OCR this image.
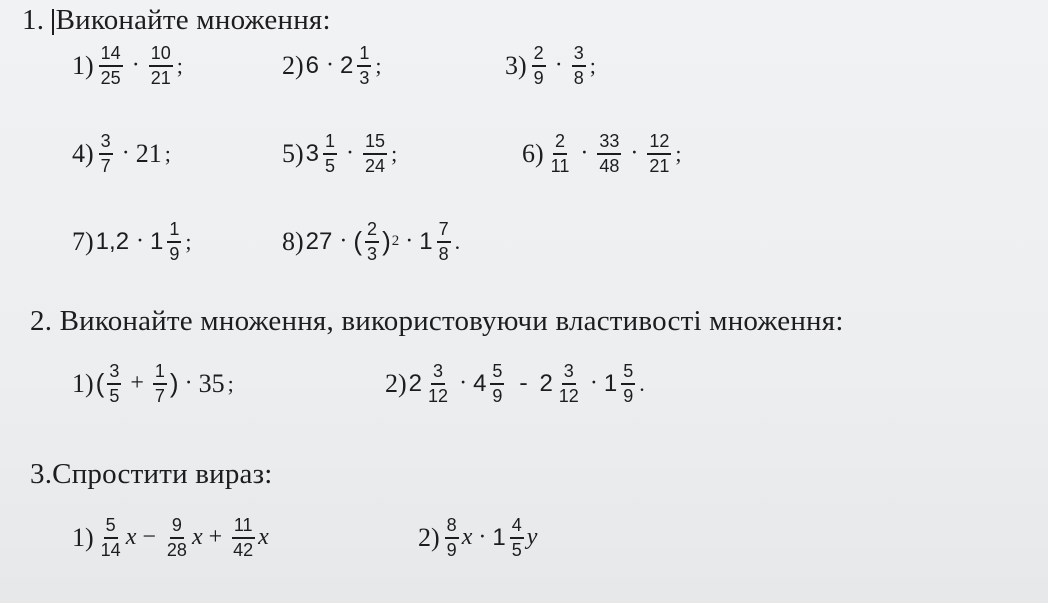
1. Виконайте множення:
$1) \frac{14}{25} \cdot \frac{10}{21}$ ;	2) $6 \cdot 2 \frac{1}{3}$ ;	$3) \frac{2}{9} \cdot \frac{3}{8}$ ;
$4) \frac{3}{7} \cdot 21$ ;	5) $3 \frac{1}{5} \cdot \frac{15}{24}$ ;	$6) \frac{2}{11} \cdot \frac{33}{48} \cdot \frac{12}{21}$ ;
7) $1,2 \cdot 1 \frac{1}{9}$ ;	8) 27 · ( $\frac{2}{3}$ ) $2 \cdot 1 \frac{7}{8}$ .
2. Виконайте множення, використовуючи властивості множення:
1) ( $\frac{3}{5} + \frac{1}{7}$ ) · 35 ;	2) $2 \frac{3}{12} \cdot 4 \frac{5}{9} - 2 \frac{3}{12} \cdot 1 \frac{5}{9}$ .
3.Спростити вираз:
$1) \frac{5}{14}$ $x - \frac{9}{28}$ $x + \frac{11}{42}$ x	$2) \frac{8}{9}$ $x \cdot 1 \frac{4}{5}$ y
